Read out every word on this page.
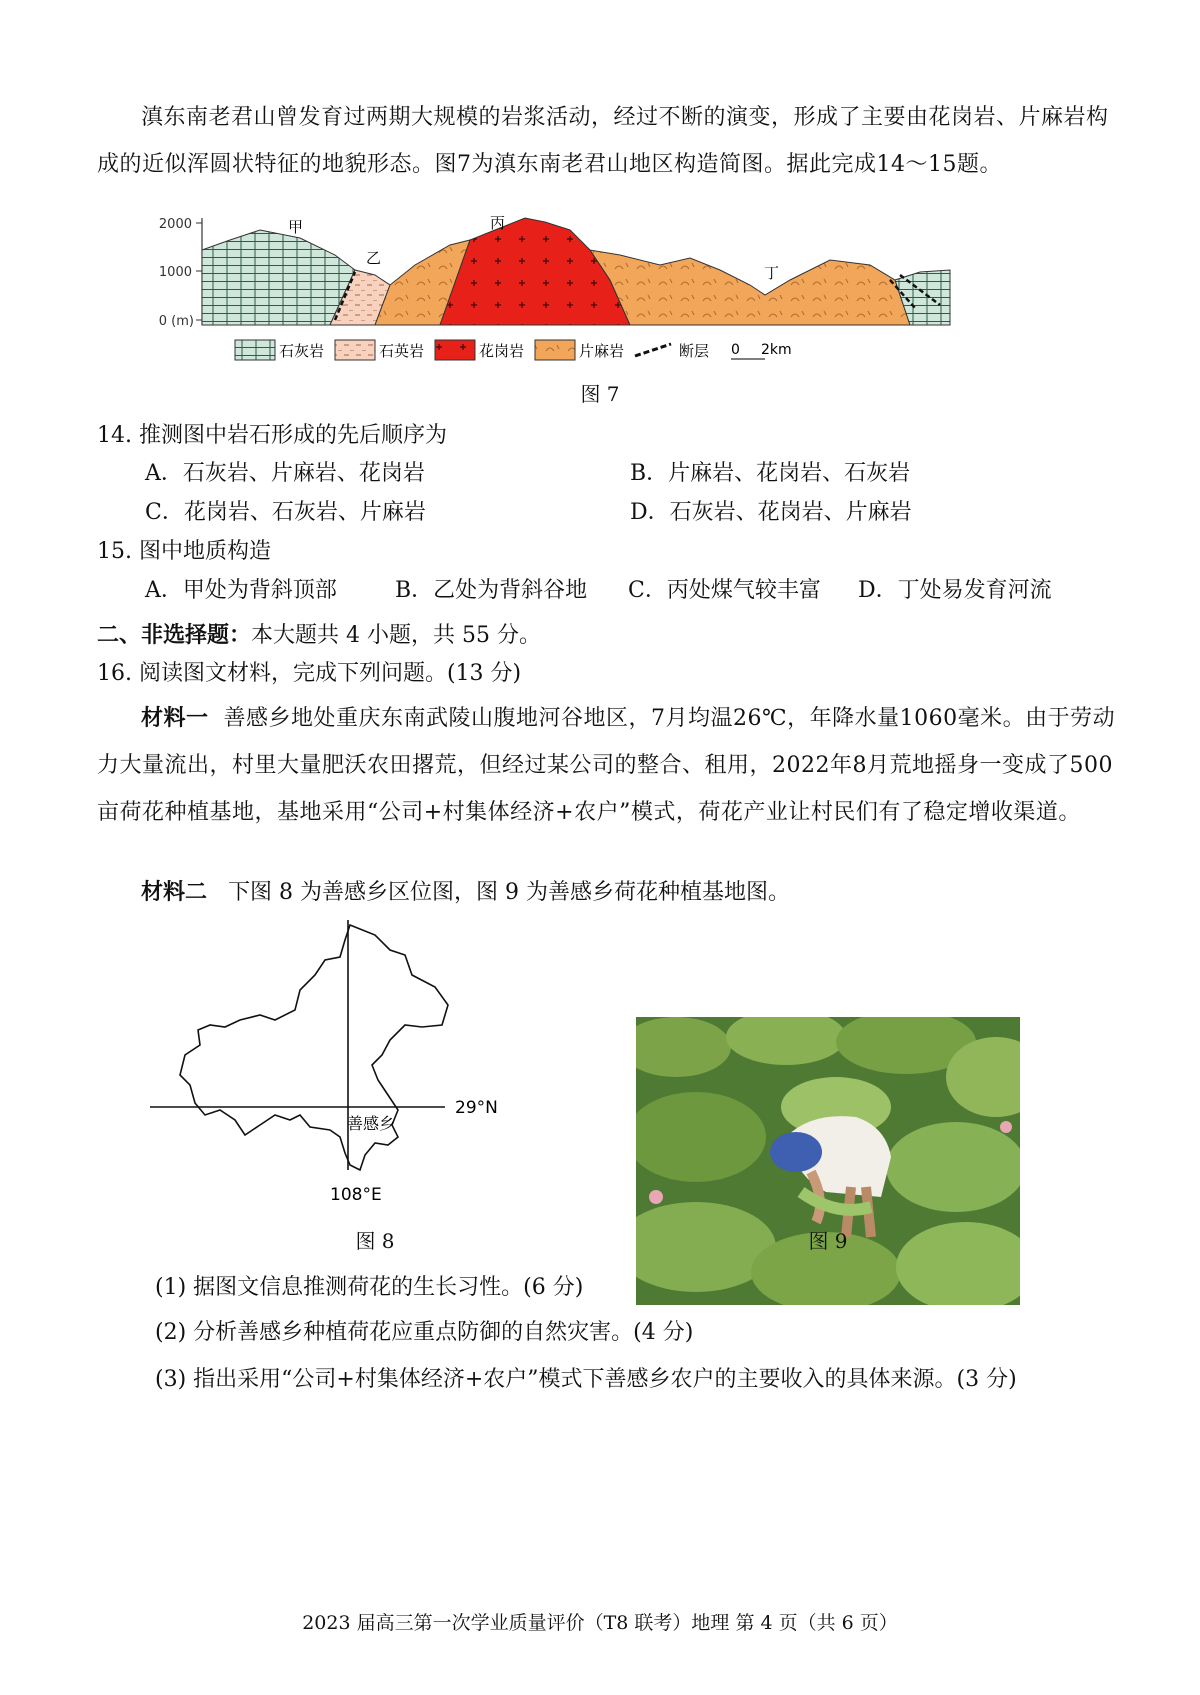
滇东南老君山曾发育过两期大规模的岩浆活动，经过不断的演变，形成了主要由花岗岩、片麻岩构成的近似浑圆状特征的地貌形态。图7为滇东南老君山地区构造简图。据此完成14～15题。
2000
1000
0 (m)
甲
乙
丙
丁
石灰岩	石英岩	花岗岩	片麻岩	断层 0 2km
图 7
14. 推测图中岩石形成的先后顺序为
A．石灰岩、片麻岩、花岗岩	B．片麻岩、花岗岩、石灰岩
C．花岗岩、石灰岩、片麻岩	D．石灰岩、花岗岩、片麻岩
15. 图中地质构造
A．甲处为背斜顶部	B．乙处为背斜谷地 C．丙处煤气较丰富 D．丁处易发育河流
二、非选择题：本大题共 4 小题，共 55 分。
16. 阅读图文材料，完成下列问题。(13 分)
材料一 善感乡地处重庆东南武陵山腹地河谷地区，7月均温26℃，年降水量1060毫米。由于劳动力大量流出，村里大量肥沃农田撂荒，但经过某公司的整合、租用，2022年8月荒地摇身一变成了500亩荷花种植基地，基地采用“公司+村集体经济+农户”模式，荷花产业让村民们有了稳定增收渠道。
材料二 下图 8 为善感乡区位图，图 9 为善感乡荷花种植基地图。
29°N
108°E
善感乡
图 8	图 9
(1) 据图文信息推测荷花的生长习性。(6 分)
(2) 分析善感乡种植荷花应重点防御的自然灾害。(4 分)
(3) 指出采用“公司+村集体经济+农户”模式下善感乡农户的主要收入的具体来源。(3 分)
2023 届高三第一次学业质量评价（T8 联考）地理 第 4 页（共 6 页）
